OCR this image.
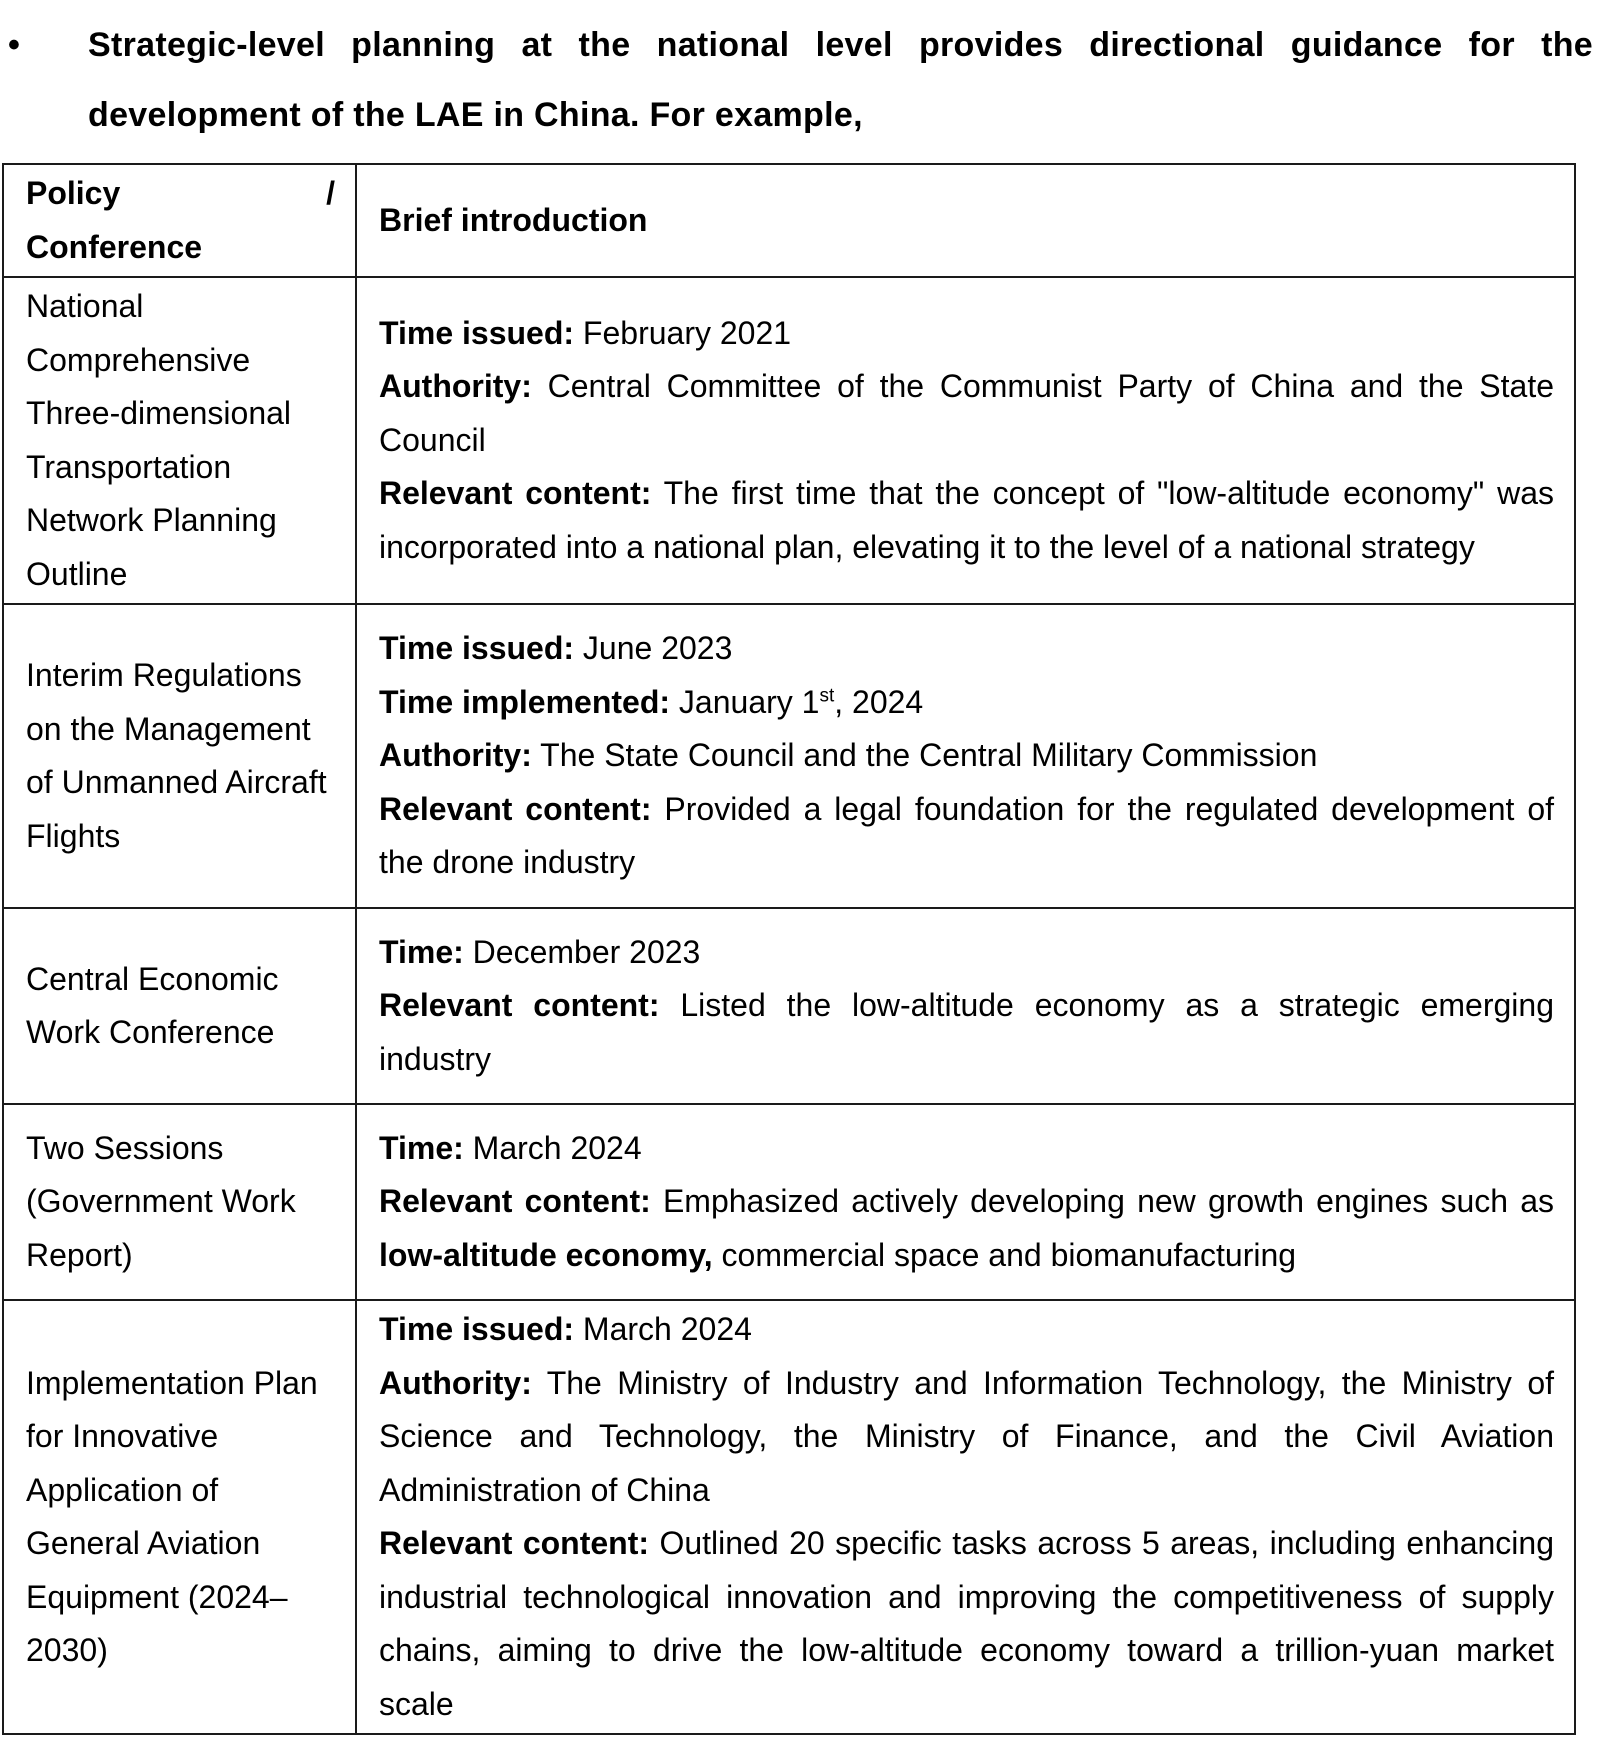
•	Strategic-level planning at the national level provides directional guidance for the development of the LAE in China. For example,
Policy /
Conference	Brief introduction
National Comprehensive Three-dimensional Transportation Network Planning Outline	Time issued: February 2021
Authority: Central Committee of the Communist Party of China and the State Council
Relevant content: The first time that the concept of "low-altitude economy" was incorporated into a national plan, elevating it to the level of a national strategy

Interim Regulations on the Management of Unmanned Aircraft Flights	Time issued: June 2023
Time implemented: January 1st, 2024
Authority: The State Council and the Central Military Commission
Relevant content: Provided a legal foundation for the regulated development of the drone industry

Central Economic Work Conference	Time: December 2023
Relevant content: Listed the low-altitude economy as a strategic emerging industry

Two Sessions (Government Work Report)	Time: March 2024
Relevant content: Emphasized actively developing new growth engines such as low-altitude economy, commercial space and biomanufacturing

Implementation Plan for Innovative Application of General Aviation Equipment (2024–2030)	Time issued: March 2024
Authority: The Ministry of Industry and Information Technology, the Ministry of Science and Technology, the Ministry of Finance, and the Civil Aviation Administration of China
Relevant content: Outlined 20 specific tasks across 5 areas, including enhancing industrial technological innovation and improving the competitiveness of supply chains, aiming to drive the low-altitude economy toward a trillion-yuan market scale
